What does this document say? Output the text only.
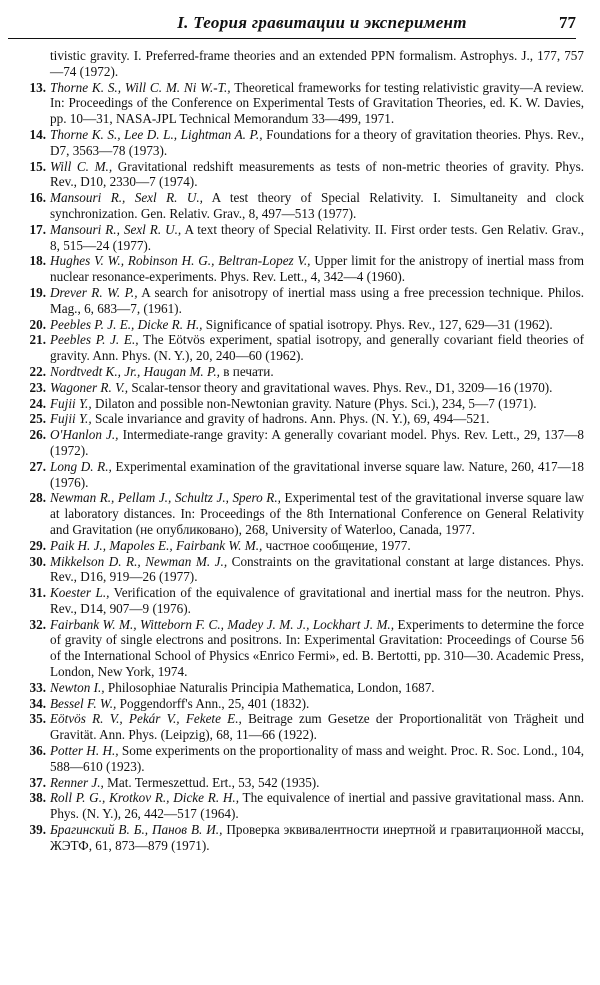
I. Теория гравитации и эксперимент	77
tivistic gravity. I. Preferred-frame theories and an extended PPN formalism. Astrophys. J., 177, 757—74 (1972).
13. Thorne K. S., Will C. M. Ni W.-T., Theoretical frameworks for testing relativistic gravity—A review. In: Proceedings of the Conference on Experimental Tests of Gravitation Theories, ed. K. W. Davies, pp. 10—31, NASA-JPL Technical Memorandum 33—499, 1971.
14. Thorne K. S., Lee D. L., Lightman A. P., Foundations for a theory of gravitation theories. Phys. Rev., D7, 3563—78 (1973).
15. Will C. M., Gravitational redshift measurements as tests of non-metric theories of gravity. Phys. Rev., D10, 2330—7 (1974).
16. Mansouri R., Sexl R. U., A test theory of Special Relativity. I. Simultaneity and clock synchronization. Gen. Relativ. Grav., 8, 497—513 (1977).
17. Mansouri R., Sexl R. U., A text theory of Special Relativity. II. First order tests. Gen Relativ. Grav., 8, 515—24 (1977).
18. Hughes V. W., Robinson H. G., Beltran-Lopez V., Upper limit for the anistropy of inertial mass from nuclear resonance-experiments. Phys. Rev. Lett., 4, 342—4 (1960).
19. Drever R. W. P., A search for anisotropy of inertial mass using a free precession technique. Philos. Mag., 6, 683—7, (1961).
20. Peebles P. J. E., Dicke R. H., Significance of spatial isotropy. Phys. Rev., 127, 629—31 (1962).
21. Peebles P. J. E., The Eötvös experiment, spatial isotropy, and generally covariant field theories of gravity. Ann. Phys. (N. Y.), 20, 240—60 (1962).
22. Nordtvedt K., Jr., Haugan M. P., в печати.
23. Wagoner R. V., Scalar-tensor theory and gravitational waves. Phys. Rev., D1, 3209—16 (1970).
24. Fujii Y., Dilaton and possible non-Newtonian gravity. Nature (Phys. Sci.), 234, 5—7 (1971).
25. Fujii Y., Scale invariance and gravity of hadrons. Ann. Phys. (N. Y.), 69, 494—521.
26. O'Hanlon J., Intermediate-range gravity: A generally covariant model. Phys. Rev. Lett., 29, 137—8 (1972).
27. Long D. R., Experimental examination of the gravitational inverse square law. Nature, 260, 417—18 (1976).
28. Newman R., Pellam J., Schultz J., Spero R., Experimental test of the gravitational inverse square law at laboratory distances. In: Proceedings of the 8th International Conference on General Relativity and Gravitation (не опубликовано), 268, University of Waterloo, Canada, 1977.
29. Paik H. J., Mapoles E., Fairbank W. M., частное сообщение, 1977.
30. Mikkelson D. R., Newman M. J., Constraints on the gravitational constant at large distances. Phys. Rev., D16, 919—26 (1977).
31. Koester L., Verification of the equivalence of gravitational and inertial mass for the neutron. Phys. Rev., D14, 907—9 (1976).
32. Fairbank W. M., Witteborn F. C., Madey J. M. J., Lockhart J. M., Experiments to determine the force of gravity of single electrons and positrons. In: Experimental Gravitation: Proceedings of Course 56 of the International School of Physics «Enrico Fermi», ed. B. Bertotti, pp. 310—30. Academic Press, London, New York, 1974.
33. Newton I., Philosophiae Naturalis Principia Mathematica, London, 1687.
34. Bessel F. W., Poggendorff's Ann., 25, 401 (1832).
35. Eötvös R. V., Pekár V., Fekete E., Beitrage zum Gesetze der Proportionalität von Trägheit und Gravität. Ann. Phys. (Leipzig), 68, 11—66 (1922).
36. Potter H. H., Some experiments on the proportionality of mass and weight. Proc. R. Soc. Lond., 104, 588—610 (1923).
37. Renner J., Mat. Termeszettud. Ert., 53, 542 (1935).
38. Roll P. G., Krotkov R., Dicke R. H., The equivalence of inertial and passive gravitational mass. Ann. Phys. (N. Y.), 26, 442—517 (1964).
39. Брагинский В. Б., Панов В. И., Проверка эквивалентности инертной и гравитационной массы, ЖЭТФ, 61, 873—879 (1971).
